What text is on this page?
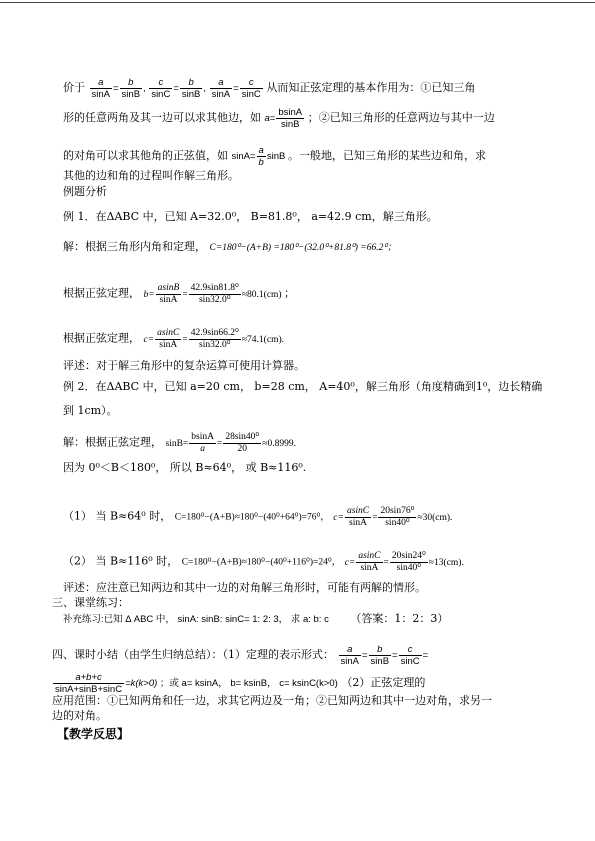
价于 $\frac{a}{\sin A} = \frac{b}{\sin B}$ , $\frac{c}{\sin C} = \frac{b}{\sin B}$ , $\frac{a}{\sin A} = \frac{c}{\sin C}$ 从而知正弦定理的基本作用为：①已知三角
形的任意两角及其一边可以求其他边，如 $a= \frac{bsinA}{\sin B}$ ；②已知三角形的任意两边与其中一边
的对角可以求其他角的正弦值，如 $\sin A= \frac{a}{b}$ sinB 。一般地，已知三角形的某些边和角，求
其他的边和角的过程叫作解三角形。
例题分析
例 1．在ΔABC 中，已知 A=32.0⁰， B=81.8⁰， a=42.9 cm，解三角形。
解：根据三角形内角和定理， C=180⁰−(A+B) =180⁰−(32.0⁰+81.8⁰) =66.2⁰；
根据正弦定理， $b= \frac{asinB}{\sin A} = \frac{\text{42.9sin81.8⁰}}{\text{sin32.0⁰}} \approx 80.1(cm)$ ；
根据正弦定理， $c= \frac{asinC}{\sin A} = \frac{\text{42.9sin66.2⁰}}{\text{sin32.0⁰}} \approx 74.1(cm)$.
评述：对于解三角形中的复杂运算可使用计算器。
例 2．在ΔABC 中，已知 a=20 cm， b=28 cm， A=40⁰，解三角形（角度精确到1⁰，边长精确
到 1cm）。
解：根据正弦定理， $\sin B= \frac{bsinA}{a} = \frac{\text{28sin40⁰}}{20} \approx 0.8999$.
因为 0⁰＜B＜180⁰， 所以 B≈64⁰， 或 B≈116⁰.
（1） 当 B≈64⁰ 时， C=180⁰−(A+B)≈180⁰−(40⁰+64⁰)=76⁰， $c= \frac{asinC}{\sin A} = \frac{\text{20sin76⁰}}{\text{sin40⁰}} \approx 30(cm)$.
（2） 当 B≈116⁰ 时， C=180⁰−(A+B)≈180⁰−(40⁰+116⁰)=24⁰， $c= \frac{asinC}{\sin A} = \frac{\text{20sin24⁰}}{\text{sin40⁰}} \approx 13(cm)$.
评述：应注意已知两边和其中一边的对角解三角形时，可能有两解的情形。
三、课堂练习：
补充练习:已知 Δ ABC 中， sinA: sinB: sinC= 1: 2: 3， 求 a: b: c （答案：1：2：3）
四、课时小结（由学生归纳总结）：（1）定理的表示形式： $\frac{a}{\sin A} = \frac{b}{\sin B} = \frac{c}{\sin C}$ =
$\frac{a+b+c}{\sin A+\sin B+\sin C} =k(k>0)$ ；或 a= ksinA， b= ksinB， c= ksinC(k>0) （2）正弦定理的
应用范围：①已知两角和任一边，求其它两边及一角；②已知两边和其中一边对角，求另一
边的对角。
【教学反思】
